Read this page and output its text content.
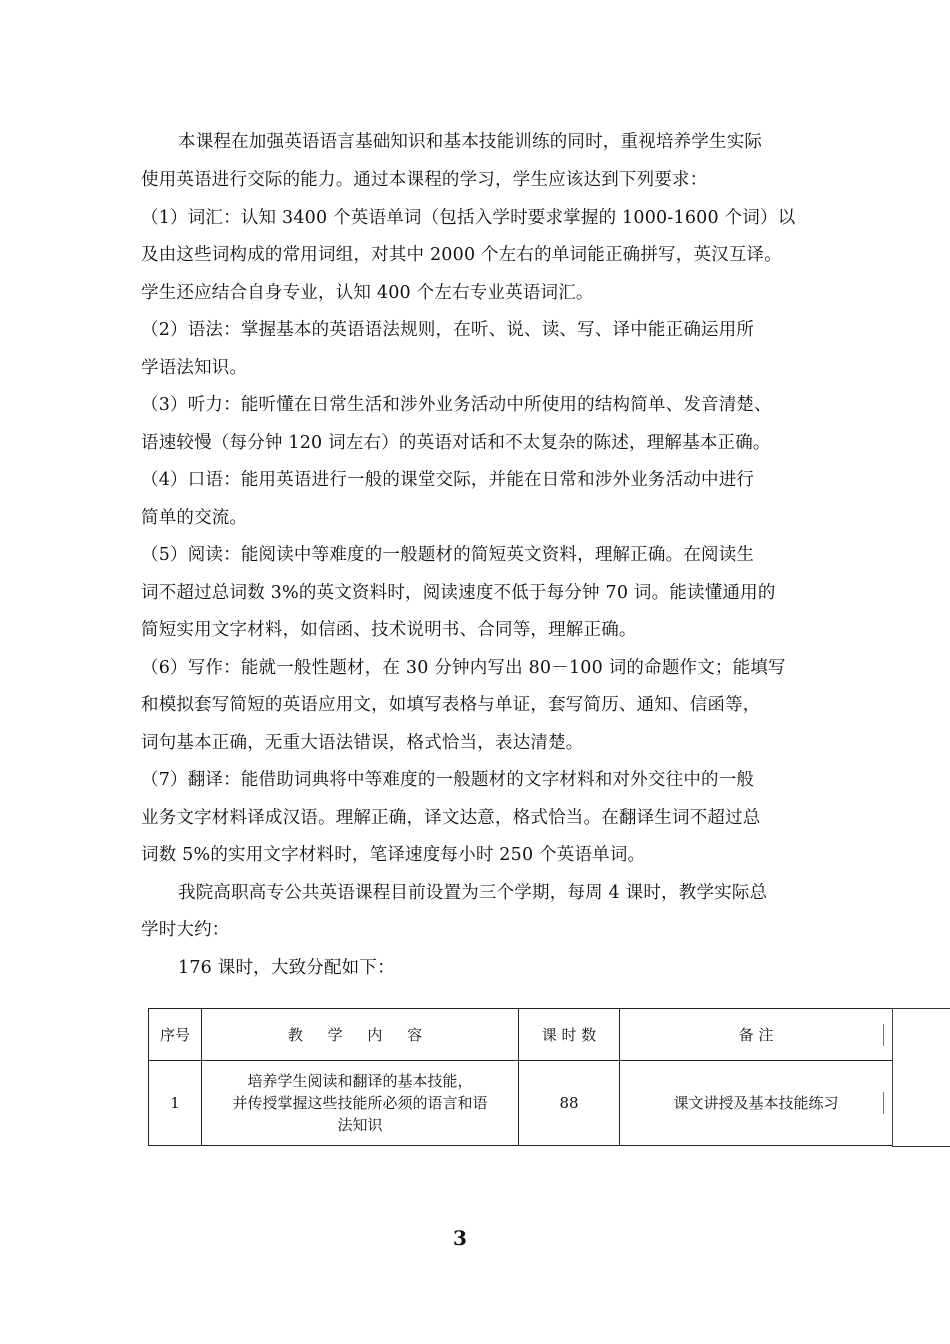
本课程在加强英语语言基础知识和基本技能训练的同时，重视培养学生实际
使用英语进行交际的能力。通过本课程的学习，学生应该达到下列要求：
（1）词汇：认知 3400 个英语单词（包括入学时要求掌握的 1000-1600 个词）以
及由这些词构成的常用词组，对其中 2000 个左右的单词能正确拼写，英汉互译。
学生还应结合自身专业，认知 400 个左右专业英语词汇。
（2）语法：掌握基本的英语语法规则，在听、说、读、写、译中能正确运用所
学语法知识。
（3）听力：能听懂在日常生活和涉外业务活动中所使用的结构简单、发音清楚、
语速较慢（每分钟 120 词左右）的英语对话和不太复杂的陈述，理解基本正确。
（4）口语：能用英语进行一般的课堂交际，并能在日常和涉外业务活动中进行
简单的交流。
（5）阅读：能阅读中等难度的一般题材的简短英文资料，理解正确。在阅读生
词不超过总词数 3%的英文资料时，阅读速度不低于每分钟 70 词。能读懂通用的
简短实用文字材料，如信函、技术说明书、合同等，理解正确。
（6）写作：能就一般性题材，在 30 分钟内写出 80－100 词的命题作文；能填写
和模拟套写简短的英语应用文，如填写表格与单证，套写简历、通知、信函等，
词句基本正确，无重大语法错误，格式恰当，表达清楚。
（7）翻译：能借助词典将中等难度的一般题材的文字材料和对外交往中的一般
业务文字材料译成汉语。理解正确，译文达意，格式恰当。在翻译生词不超过总
词数 5%的实用文字材料时，笔译速度每小时 250 个英语单词。
我院高职高专公共英语课程目前设置为三个学期，每周 4 课时，教学实际总
学时大约：
176 课时，大致分配如下：
序号	教 学 内 容	课 时 数	备 注

1	培养学生阅读和翻译的基本技能，
并传授掌握这些技能所必须的语言和语
法知识	88	课文讲授及基本技能练习
3
